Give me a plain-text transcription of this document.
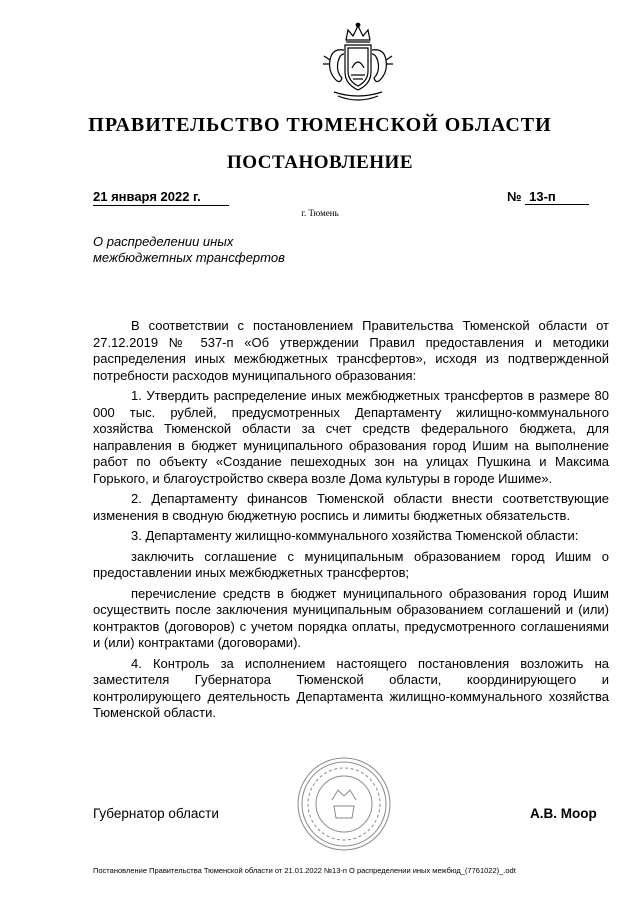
ПРАВИТЕЛЬСТВО ТЮМЕНСКОЙ ОБЛАСТИ
ПОСТАНОВЛЕНИЕ
21 января 2022 г.	№ 13-п
г. Тюмень
О распределении иных
межбюджетных трансфертов

В соответствии с постановлением Правительства Тюменской области от 27.12.2019 № 537-п «Об утверждении Правил предоставления и методики распределения иных межбюджетных трансфертов», исходя из подтвержденной потребности расходов муниципального образования:

1. Утвердить распределение иных межбюджетных трансфертов в размере 80 000 тыс. рублей, предусмотренных Департаменту жилищно-коммунального хозяйства Тюменской области за счет средств федерального бюджета, для направления в бюджет муниципального образования город Ишим на выполнение работ по объекту «Создание пешеходных зон на улицах Пушкина и Максима Горького, и благоустройство сквера возле Дома культуры в городе Ишиме».

2. Департаменту финансов Тюменской области внести соответствующие изменения в сводную бюджетную роспись и лимиты бюджетных обязательств.

3. Департаменту жилищно-коммунального хозяйства Тюменской области:

заключить соглашение с муниципальным образованием город Ишим о предоставлении иных межбюджетных трансфертов;

перечисление средств в бюджет муниципального образования город Ишим осуществить после заключения муниципальным образованием соглашений и (или) контрактов (договоров) с учетом порядка оплаты, предусмотренного соглашениями и (или) контрактами (договорами).

4. Контроль за исполнением настоящего постановления возложить на заместителя Губернатора Тюменской области, координирующего и контролирующего деятельность Департамента жилищно-коммунального хозяйства Тюменской области.

Губернатор области	А.В. Моор
Постановление Правительства Тюменской области от 21.01.2022 №13-п О распределении иных межбюд_(7761022)_.odt
